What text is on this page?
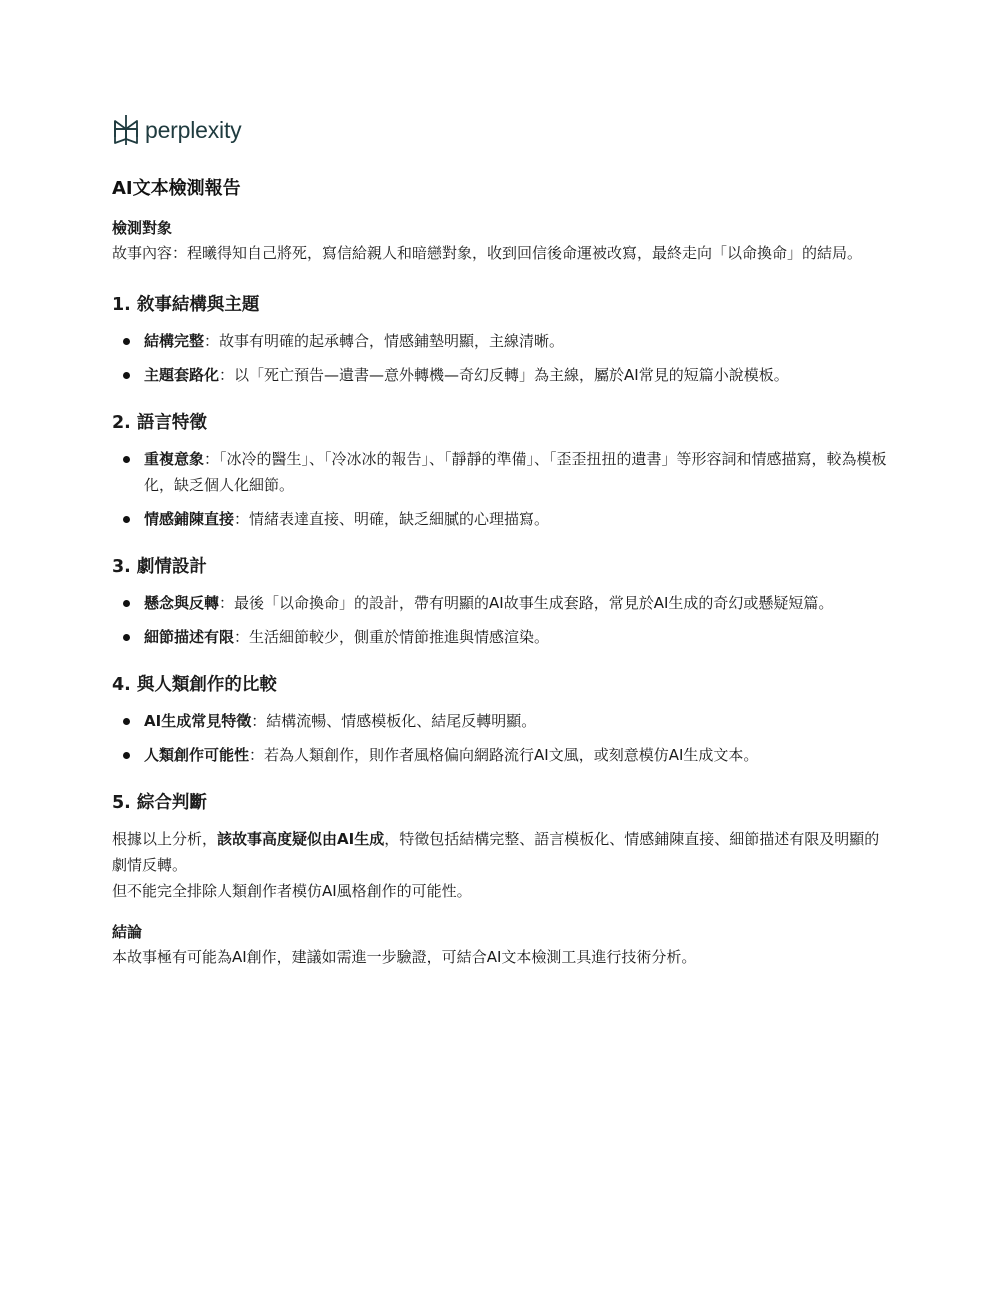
perplexity
AI文本檢測報告
檢測對象

故事內容：程曦得知自己將死，寫信給親人和暗戀對象，收到回信後命運被改寫，最終走向「以命換命」的結局。

1. 敘事結構與主題
結構完整：故事有明確的起承轉合，情感鋪墊明顯，主線清晰。
主題套路化：以「死亡預告—遺書—意外轉機—奇幻反轉」為主線，屬於AI常見的短篇小說模板。
2. 語言特徵
重複意象：「冰冷的醫生」、「冷冰冰的報告」、「靜靜的準備」、「歪歪扭扭的遺書」等形容詞和情感描寫，較為模板化，缺乏個人化細節。
情感鋪陳直接：情緒表達直接、明確，缺乏細膩的心理描寫。
3. 劇情設計
懸念與反轉：最後「以命換命」的設計，帶有明顯的AI故事生成套路，常見於AI生成的奇幻或懸疑短篇。
細節描述有限：生活細節較少，側重於情節推進與情感渲染。
4. 與人類創作的比較
AI生成常見特徵：結構流暢、情感模板化、結尾反轉明顯。
人類創作可能性：若為人類創作，則作者風格偏向網路流行AI文風，或刻意模仿AI生成文本。
5. 綜合判斷

根據以上分析，該故事高度疑似由AI生成，特徵包括結構完整、語言模板化、情感鋪陳直接、細節描述有限及明顯的劇情反轉。

但不能完全排除人類創作者模仿AI風格創作的可能性。

結論

本故事極有可能為AI創作，建議如需進一步驗證，可結合AI文本檢測工具進行技術分析。
